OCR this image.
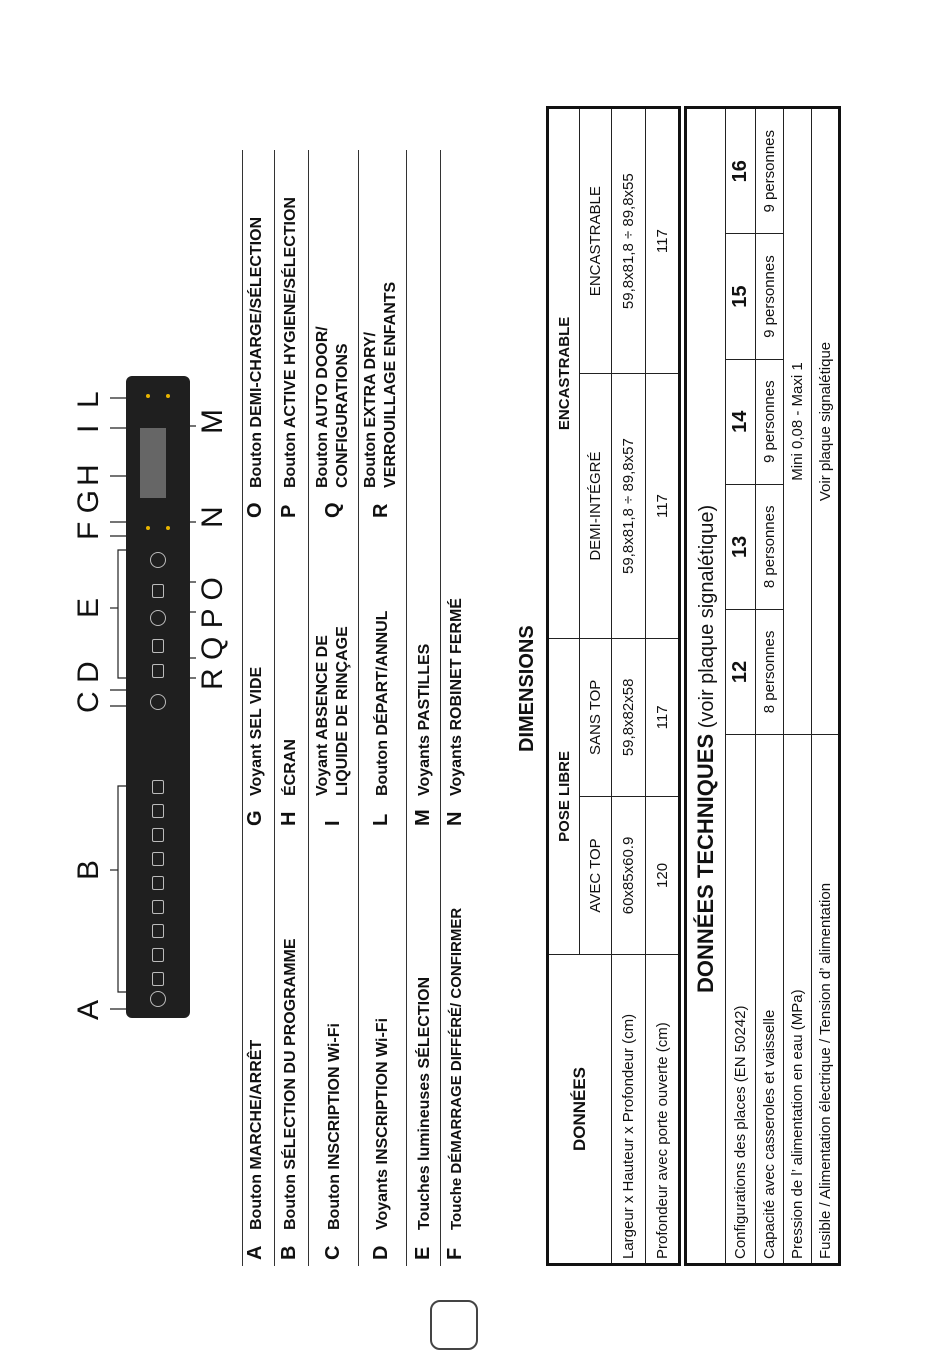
A
B
C D
E
F G
H
I
L
R Q P O
N
M
A
Bouton MARCHE/ARRÊT
B
Bouton SÉLECTION DU PROGRAMME
C
Bouton INSCRIPTION Wi-Fi
D
Voyants INSCRIPTION Wi-Fi
E
Touches lumineuses SÉLECTION
F
Touche DÉMARRAGE DIFFÉRÉ/ CONFIRMER
G
Voyant SEL VIDE
H
ÉCRAN
I
Voyant ABSENCE DE LIQUIDE DE RINÇAGE
L
Bouton DÉPART/ANNUL
M
Voyants PASTILLES
N
Voyants ROBINET FERMÉ
O
Bouton DEMI-CHARGE/SÉLECTION
P
Bouton ACTIVE HYGIENE/SÉLECTION
Q
Bouton AUTO DOOR/ CONFIGURATIONS
R
Bouton EXTRA DRY/ VERROUILLAGE ENFANTS
DIMENSIONS
DONNÉES	POSE LIBRE		ENCASTRABLE	
	AVEC TOP	SANS TOP	DEMI-INTÉGRÉ	ENCASTRABLE
Largeur x Hauteur x Profondeur (cm)	60x85x60.9	59,8x82x58	59,8x81,8 ÷ 89,8x57	59,8x81,8 ÷ 89,8x55
Profondeur avec porte ouverte (cm)	120	117	117	117
DONNÉES TECHNIQUES (voir plaque signalétique)					
Configurations des places (EN 50242)	12	13	14	15	16
Capacité avec casseroles et vaisselle	8 personnes	8 personnes	9 personnes	9 personnes	9 personnes
Pression de l’ alimentation en eau (MPa)	Mini 0,08 - Maxi 1				
Fusible / Alimentation électrique / Tension d’ alimentation	Voir plaque signalétique				
